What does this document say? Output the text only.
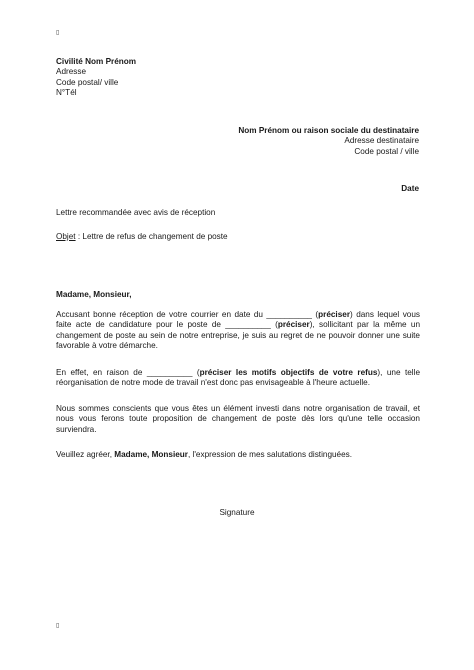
▯
Civilité Nom Prénom
Adresse
Code postal/ ville
N°Tél
Nom Prénom ou raison sociale du destinataire
Adresse destinataire
Code postal / ville
Date
Lettre recommandée avec avis de réception
Objet : Lettre de refus de changement de poste
Madame, Monsieur,
Accusant bonne réception de votre courrier en date du __________ (préciser) dans lequel vous faite acte de candidature pour le poste de __________ (préciser), sollicitant par la même un changement de poste au sein de notre entreprise, je suis au regret de ne pouvoir donner une suite favorable à votre démarche.
En effet, en raison de __________ (préciser les motifs objectifs de votre refus), une telle réorganisation de notre mode de travail n'est donc pas envisageable à l'heure actuelle.
Nous sommes conscients que vous êtes un élément investi dans notre organisation de travail, et nous vous ferons toute proposition de changement de poste dès lors qu'une telle occasion surviendra.
Veuillez agréer, Madame, Monsieur, l'expression de mes salutations distinguées.
Signature
▯
